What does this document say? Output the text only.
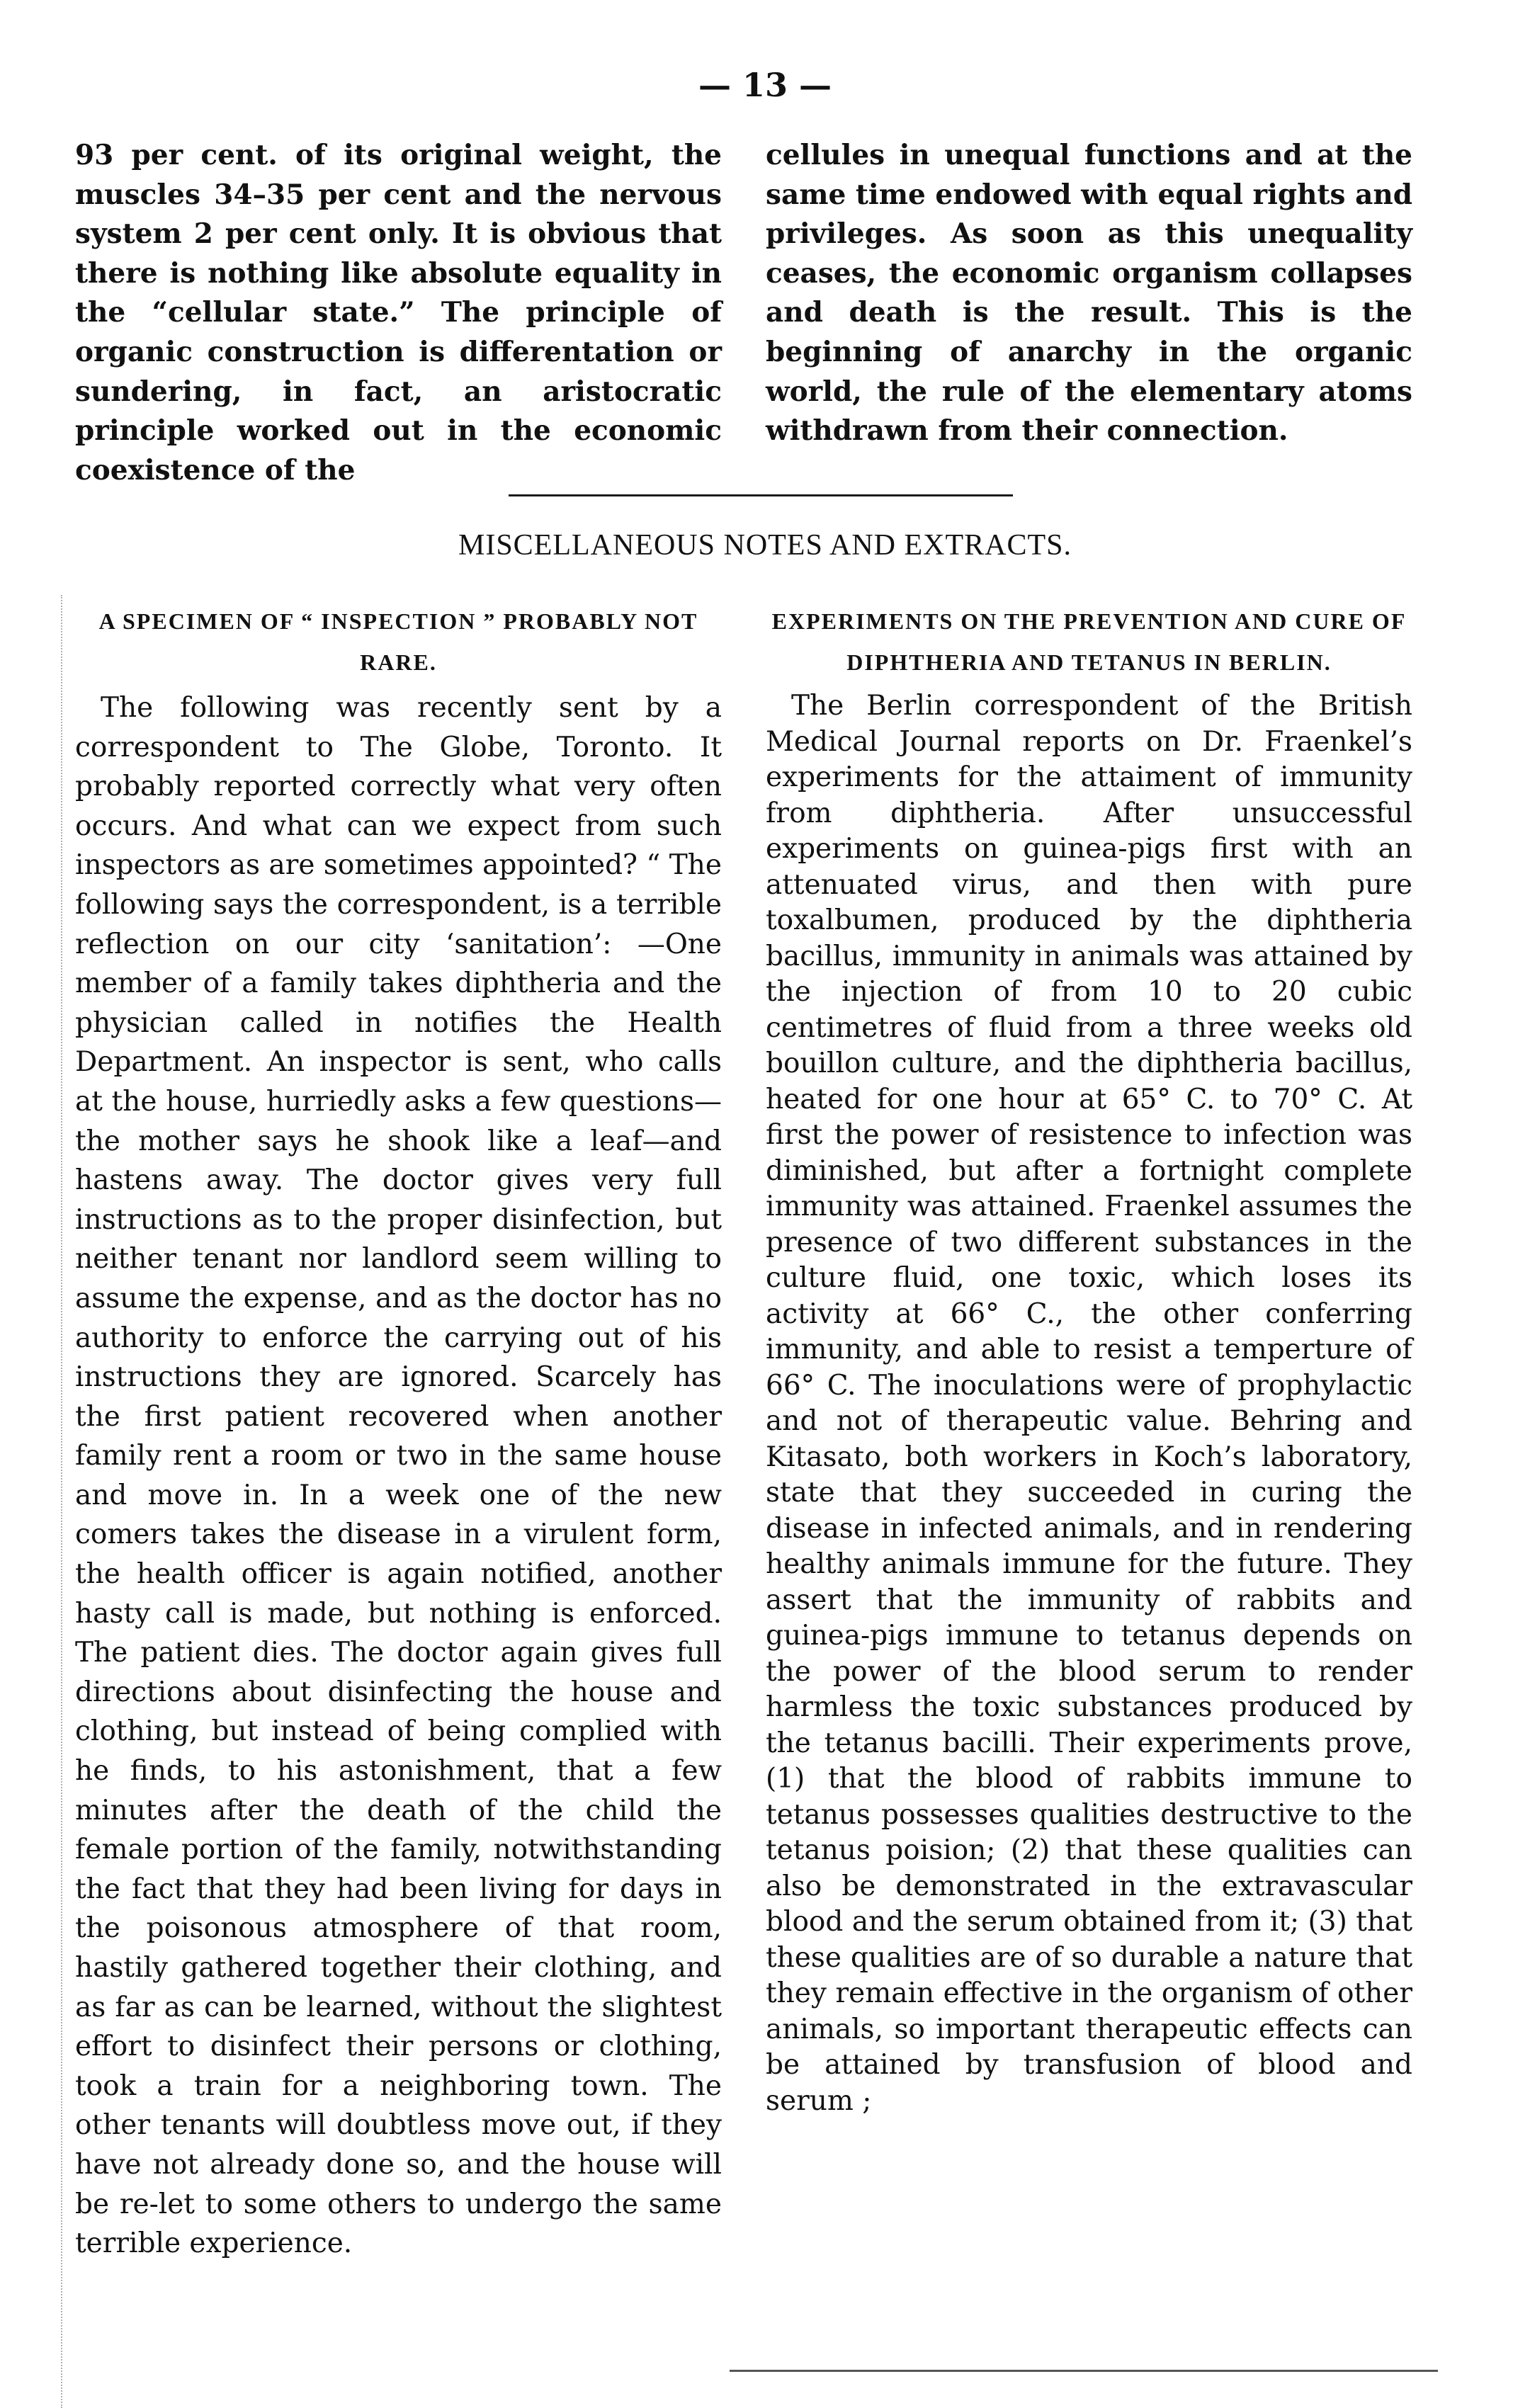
— 13 —

93 per cent. of its original weight, the muscles 34–35 per cent and the nervous system 2 per cent only. It is obvious that there is nothing like absolute equality in the “cellular state.” The principle of organic construction is differentation or sundering, in fact, an aristocratic principle worked out in the economic coexistence of the

cellules in unequal functions and at the same time endowed with equal rights and privileges. As soon as this unequality ceases, the economic organism collapses and death is the result. This is the beginning of anarchy in the organic world, the rule of the elementary atoms withdrawn from their connection.

MISCELLANEOUS NOTES AND EXTRACTS.
A SPECIMEN OF “ INSPECTION ” PROBABLY NOT RARE.

The following was recently sent by a correspondent to The Globe, Toronto. It probably reported correctly what very often occurs. And what can we expect from such inspectors as are sometimes appointed? “ The following says the correspondent, is a terrible reflection on our city ‘sanitation’: —One member of a family takes diphtheria and the physician called in notifies the Health Department. An inspector is sent, who calls at the house, hurriedly asks a few questions—the mother says he shook like a leaf—and hastens away. The doctor gives very full instructions as to the proper disinfection, but neither tenant nor landlord seem willing to assume the expense, and as the doctor has no authority to enforce the carrying out of his instructions they are ignored. Scarcely has the first patient recovered when another family rent a room or two in the same house and move in. In a week one of the new comers takes the disease in a virulent form, the health officer is again notified, another hasty call is made, but nothing is enforced. The patient dies. The doctor again gives full directions about disinfecting the house and clothing, but instead of being complied with he finds, to his astonishment, that a few minutes after the death of the child the female portion of the family, notwithstanding the fact that they had been living for days in the poisonous atmosphere of that room, hastily gathered together their clothing, and as far as can be learned, without the slightest effort to disinfect their persons or clothing, took a train for a neighboring town. The other tenants will doubtless move out, if they have not already done so, and the house will be re-let to some others to undergo the same terrible experience.

EXPERIMENTS ON THE PREVENTION AND CURE OF DIPHTHERIA AND TETANUS IN BERLIN.

The Berlin correspondent of the British Medical Journal reports on Dr. Fraenkel’s experiments for the attaiment of immunity from diphtheria. After unsuccessful experiments on guinea-pigs first with an attenuated virus, and then with pure toxalbumen, produced by the diphtheria bacillus, immunity in animals was attained by the injection of from 10 to 20 cubic centimetres of fluid from a three weeks old bouillon culture, and the diphtheria bacillus, heated for one hour at 65° C. to 70° C. At first the power of resistence to infection was diminished, but after a fortnight complete immunity was attained. Fraenkel assumes the presence of two different substances in the culture fluid, one toxic, which loses its activity at 66° C., the other conferring immunity, and able to resist a temperture of 66° C. The inoculations were of prophylactic and not of therapeutic value. Behring and Kitasato, both workers in Koch’s laboratory, state that they succeeded in curing the disease in infected animals, and in rendering healthy animals immune for the future. They assert that the immunity of rabbits and guinea-pigs immune to tetanus depends on the power of the blood serum to render harmless the toxic substances produced by the tetanus bacilli. Their experiments prove, (1) that the blood of rabbits immune to tetanus possesses qualities destructive to the tetanus poision; (2) that these qualities can also be demonstrated in the extravascular blood and the serum obtained from it; (3) that these qualities are of so durable a nature that they remain effective in the organism of other animals, so important therapeutic effects can be attained by transfusion of blood and serum ;
